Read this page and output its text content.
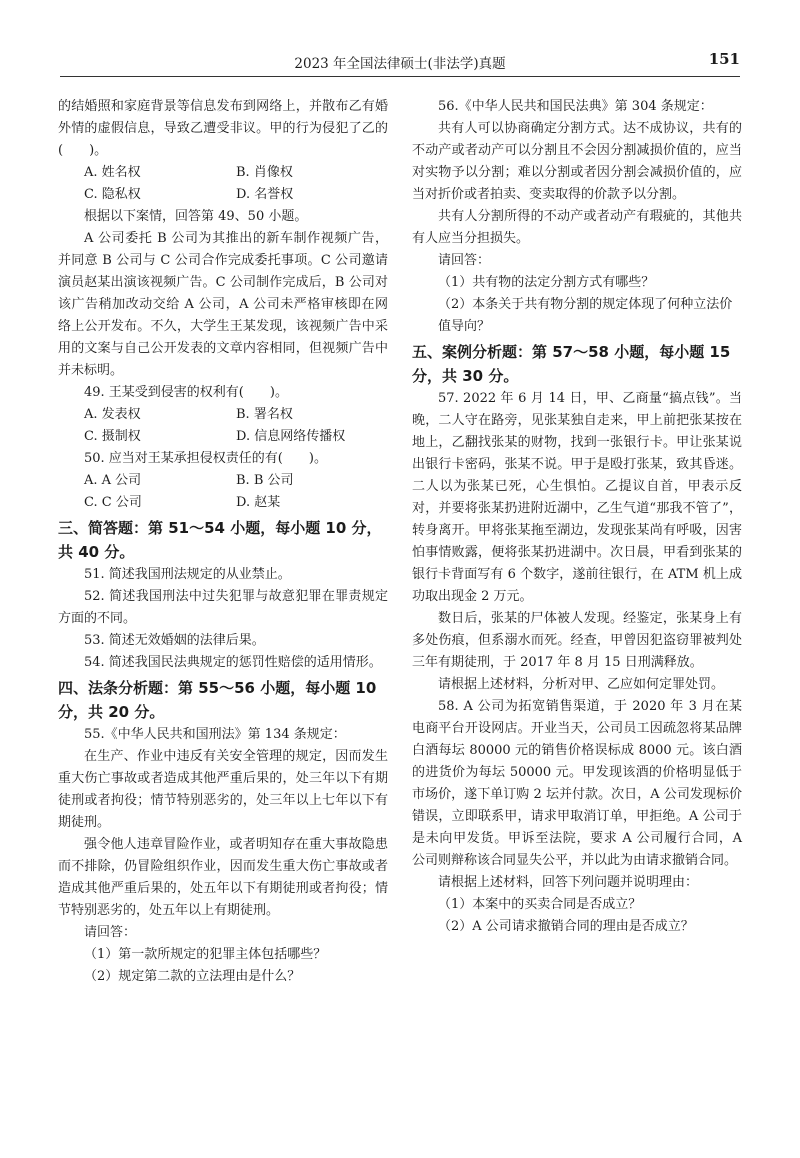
2023 年全国法律硕士(非法学)真题	151

的结婚照和家庭背景等信息发布到网络上，并散布乙有婚外情的虚假信息，导致乙遭受非议。甲的行为侵犯了乙的(　　)。

A. 姓名权	B. 肖像权
C. 隐私权	D. 名誉权

根据以下案情，回答第 49、50 小题。

A 公司委托 B 公司为其推出的新车制作视频广告，并同意 B 公司与 C 公司合作完成委托事项。C 公司邀请演员赵某出演该视频广告。C 公司制作完成后，B 公司对该广告稍加改动交给 A 公司，A 公司未严格审核即在网络上公开发布。不久，大学生王某发现，该视频广告中采用的文案与自己公开发表的文章内容相同，但视频广告中并未标明。

49. 王某受到侵害的权利有(　　)。

A. 发表权	B. 署名权
C. 摄制权	D. 信息网络传播权

50. 应当对王某承担侵权责任的有(　　)。

A. A 公司	B. B 公司
C. C 公司	D. 赵某

三、简答题：第 51～54 小题，每小题 10 分，共 40 分。

51. 简述我国刑法规定的从业禁止。

52. 简述我国刑法中过失犯罪与故意犯罪在罪责规定方面的不同。

53. 简述无效婚姻的法律后果。

54. 简述我国民法典规定的惩罚性赔偿的适用情形。

四、法条分析题：第 55～56 小题，每小题 10 分，共 20 分。

55.《中华人民共和国刑法》第 134 条规定：

在生产、作业中违反有关安全管理的规定，因而发生重大伤亡事故或者造成其他严重后果的，处三年以下有期徒刑或者拘役；情节特别恶劣的，处三年以上七年以下有期徒刑。

强令他人违章冒险作业，或者明知存在重大事故隐患而不排除，仍冒险组织作业，因而发生重大伤亡事故或者造成其他严重后果的，处五年以下有期徒刑或者拘役；情节特别恶劣的，处五年以上有期徒刑。

请回答：

（1）第一款所规定的犯罪主体包括哪些？

（2）规定第二款的立法理由是什么？

56.《中华人民共和国民法典》第 304 条规定：

共有人可以协商确定分割方式。达不成协议，共有的不动产或者动产可以分割且不会因分割减损价值的，应当对实物予以分割；难以分割或者因分割会减损价值的，应当对折价或者拍卖、变卖取得的价款予以分割。

共有人分割所得的不动产或者动产有瑕疵的，其他共有人应当分担损失。

请回答：

（1）共有物的法定分割方式有哪些？

（2）本条关于共有物分割的规定体现了何种立法价值导向？

五、案例分析题：第 57～58 小题，每小题 15 分，共 30 分。

57. 2022 年 6 月 14 日，甲、乙商量“搞点钱”。当晚，二人守在路旁，见张某独自走来，甲上前把张某按在地上，乙翻找张某的财物，找到一张银行卡。甲让张某说出银行卡密码，张某不说。甲于是殴打张某，致其昏迷。二人以为张某已死，心生惧怕。乙提议自首，甲表示反对，并要将张某扔进附近湖中，乙生气道“那我不管了”，转身离开。甲将张某拖至湖边，发现张某尚有呼吸，因害怕事情败露，便将张某扔进湖中。次日晨，甲看到张某的银行卡背面写有 6 个数字，遂前往银行，在 ATM 机上成功取出现金 2 万元。

数日后，张某的尸体被人发现。经鉴定，张某身上有多处伤痕，但系溺水而死。经查，甲曾因犯盗窃罪被判处三年有期徒刑，于 2017 年 8 月 15 日刑满释放。

请根据上述材料，分析对甲、乙应如何定罪处罚。

58. A 公司为拓宽销售渠道，于 2020 年 3 月在某电商平台开设网店。开业当天，公司员工因疏忽将某品牌白酒每坛 80000 元的销售价格误标成 8000 元。该白酒的进货价为每坛 50000 元。甲发现该酒的价格明显低于市场价，遂下单订购 2 坛并付款。次日，A 公司发现标价错误，立即联系甲，请求甲取消订单，甲拒绝。A 公司于是未向甲发货。甲诉至法院，要求 A 公司履行合同，A 公司则辩称该合同显失公平，并以此为由请求撤销合同。

请根据上述材料，回答下列问题并说明理由：

（1）本案中的买卖合同是否成立？

（2）A 公司请求撤销合同的理由是否成立？
